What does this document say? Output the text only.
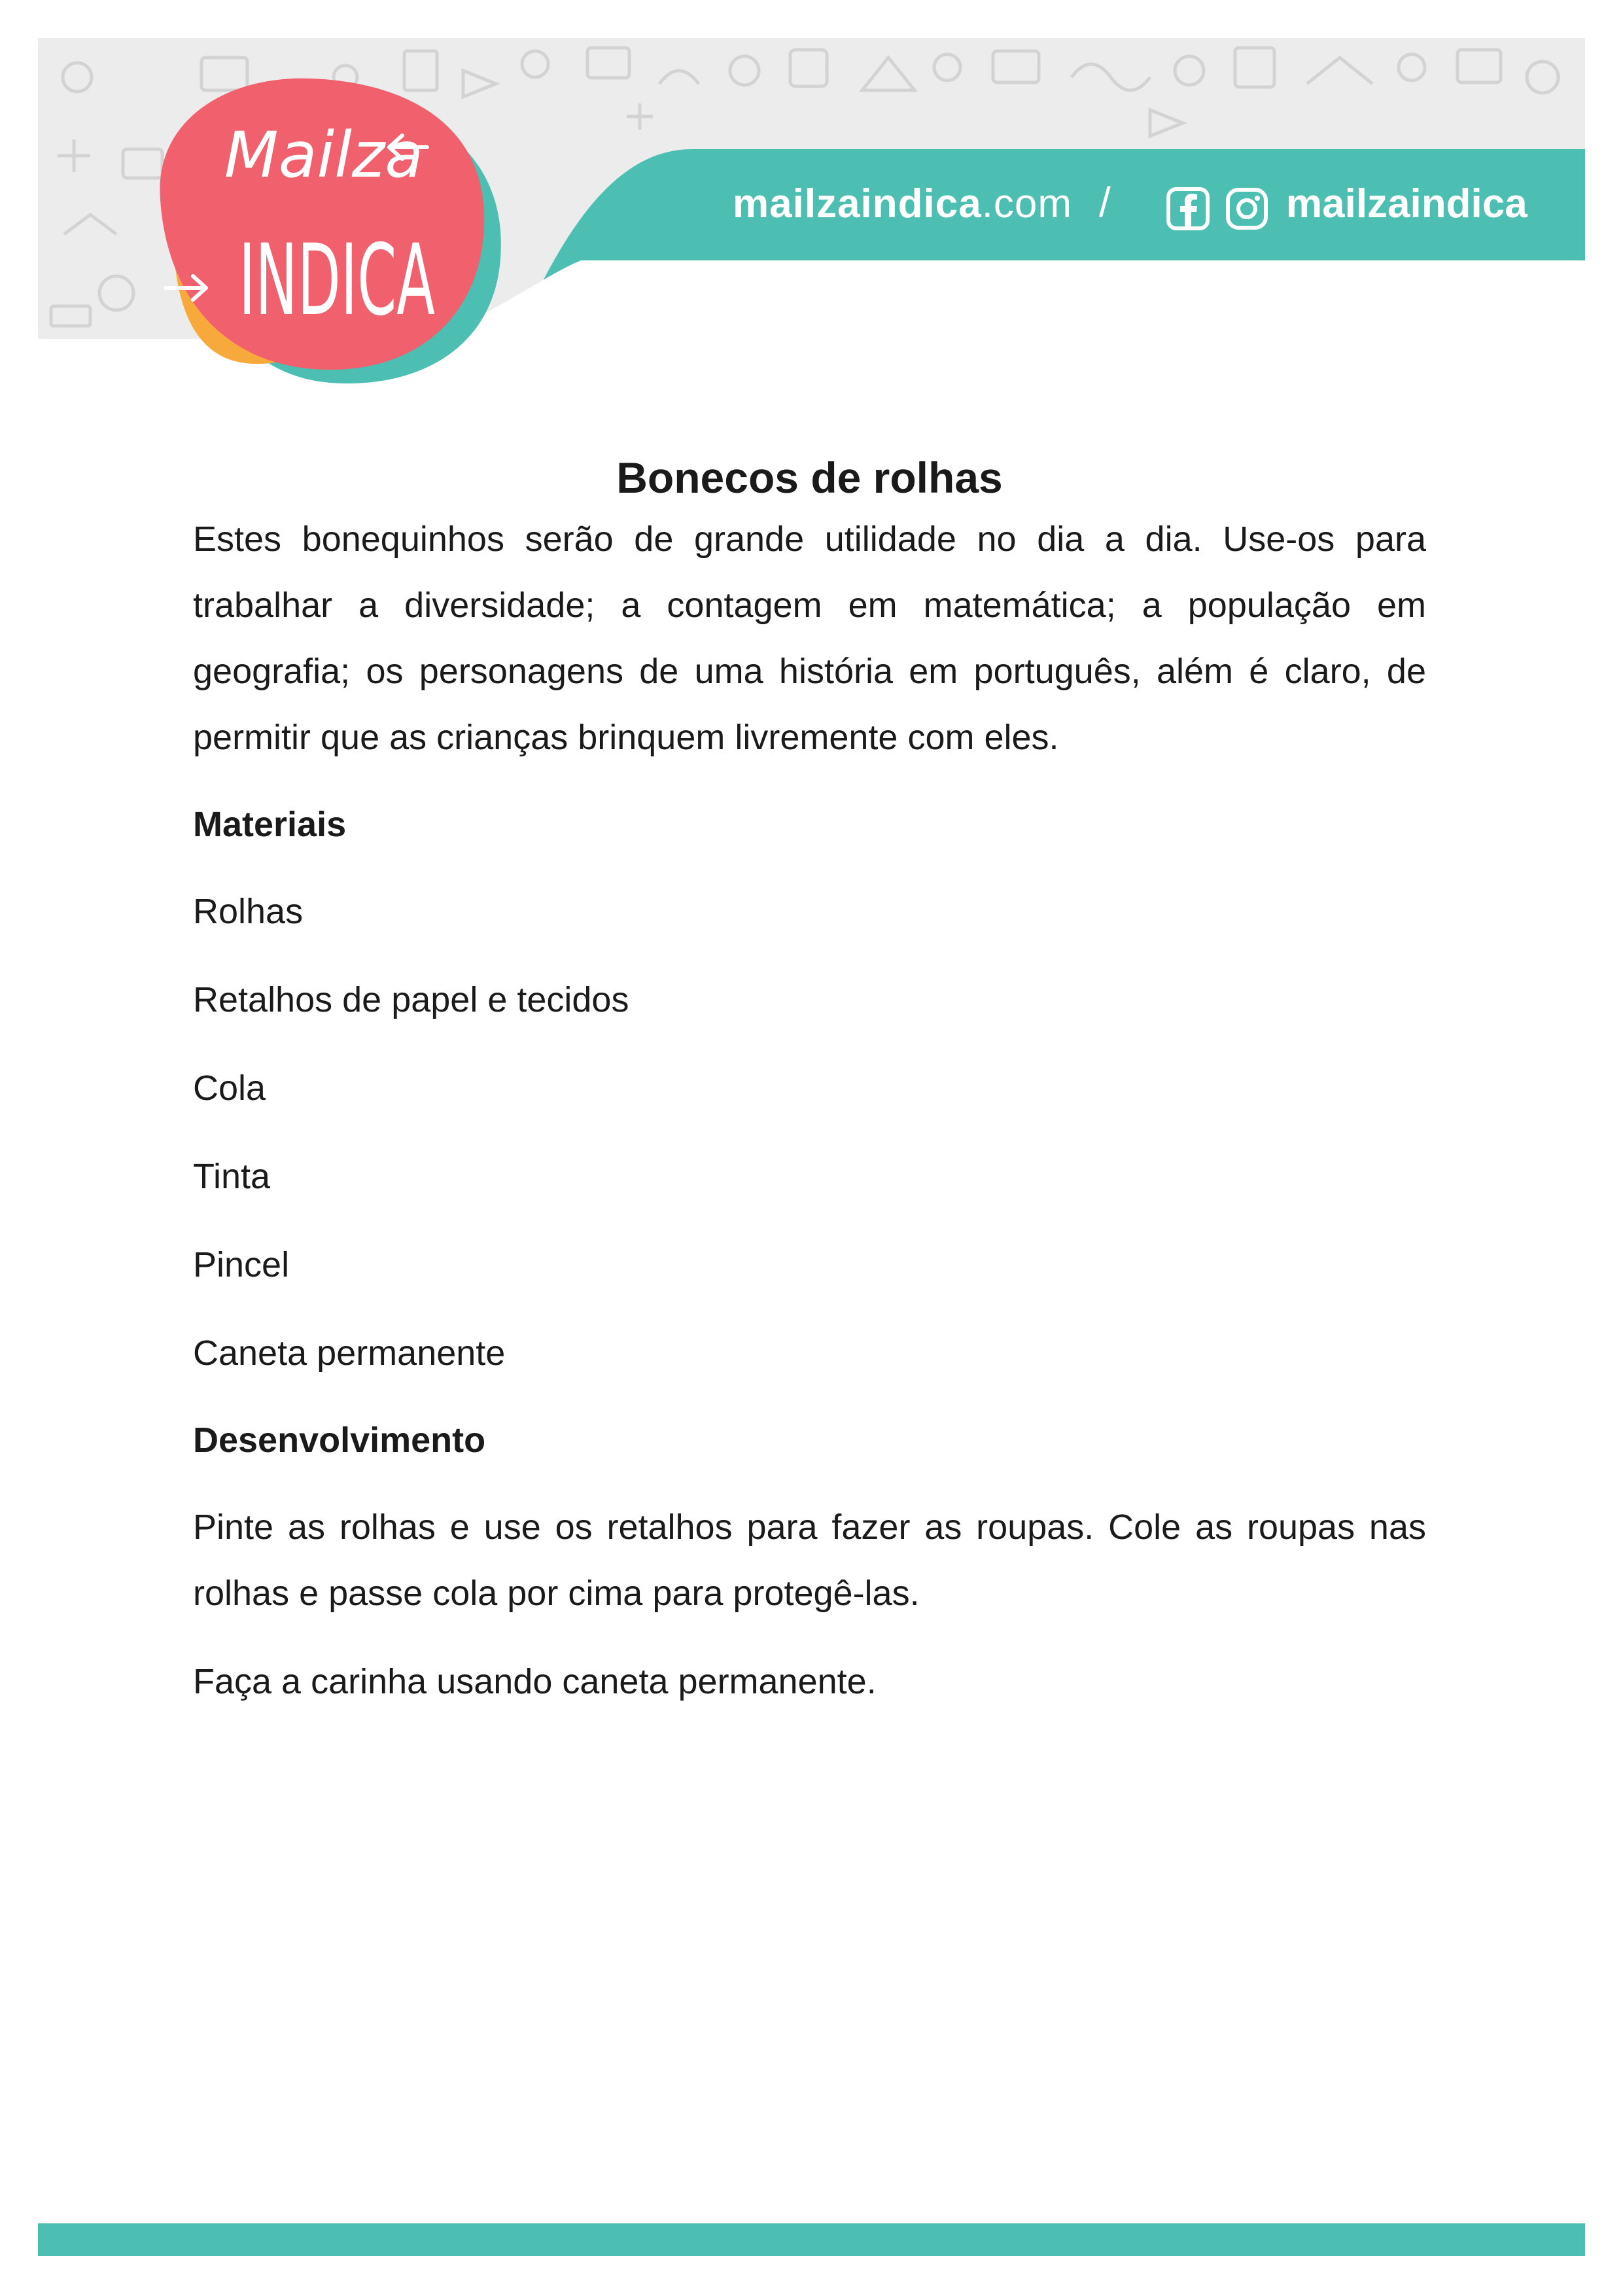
mailzaindica.com /	mailzaindica
Mailza
INDICA
Bonecos de rolhas

Estes bonequinhos serão de grande utilidade no dia a dia. Use-os para trabalhar a diversidade; a contagem em matemática; a população em geografia; os personagens de uma história em português, além é claro, de permitir que as crianças brinquem livremente com eles.

Materiais
Rolhas
Retalhos de papel e tecidos
Cola
Tinta
Pincel
Caneta permanente
Desenvolvimento

Pinte as rolhas e use os retalhos para fazer as roupas. Cole as roupas nas rolhas e passe cola por cima para protegê-las.

Faça a carinha usando caneta permanente.
